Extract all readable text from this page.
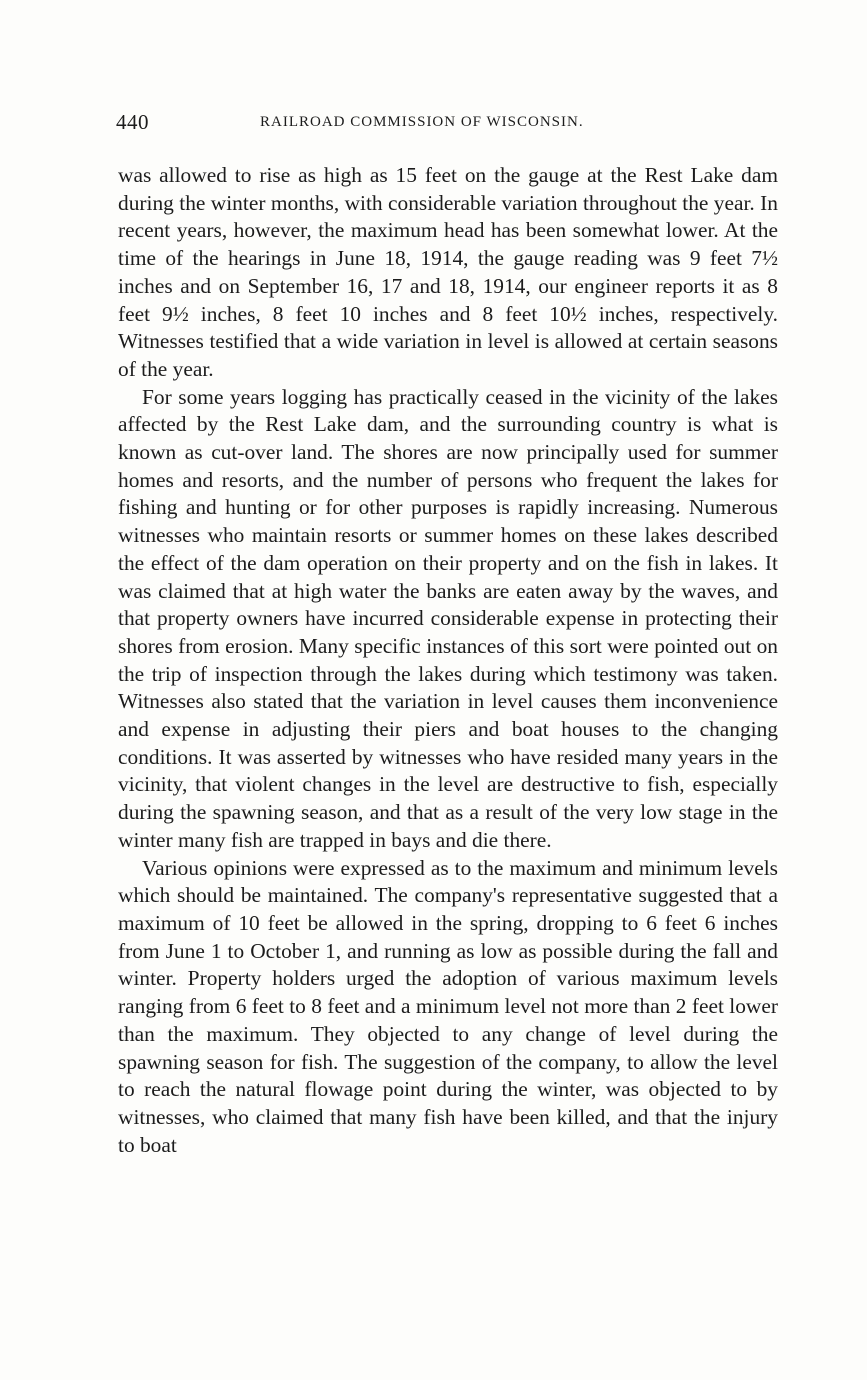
440	RAILROAD COMMISSION OF WISCONSIN.

was allowed to rise as high as 15 feet on the gauge at the Rest Lake dam during the winter months, with considerable variation throughout the year. In recent years, however, the maximum head has been somewhat lower. At the time of the hearings in June 18, 1914, the gauge reading was 9 feet 7½ inches and on September 16, 17 and 18, 1914, our engineer reports it as 8 feet 9½ inches, 8 feet 10 inches and 8 feet 10½ inches, respectively. Witnesses testified that a wide variation in level is allowed at certain seasons of the year.

For some years logging has practically ceased in the vicinity of the lakes affected by the Rest Lake dam, and the surrounding country is what is known as cut-over land. The shores are now principally used for summer homes and resorts, and the number of persons who frequent the lakes for fishing and hunting or for other purposes is rapidly increasing. Numerous witnesses who maintain resorts or summer homes on these lakes described the effect of the dam operation on their property and on the fish in lakes. It was claimed that at high water the banks are eaten away by the waves, and that property owners have incurred considerable expense in protecting their shores from erosion. Many specific instances of this sort were pointed out on the trip of inspection through the lakes during which testimony was taken. Witnesses also stated that the variation in level causes them inconvenience and expense in adjusting their piers and boat houses to the changing conditions. It was asserted by witnesses who have resided many years in the vicinity, that violent changes in the level are destructive to fish, especially during the spawning season, and that as a result of the very low stage in the winter many fish are trapped in bays and die there.

Various opinions were expressed as to the maximum and minimum levels which should be maintained. The company's representative suggested that a maximum of 10 feet be allowed in the spring, dropping to 6 feet 6 inches from June 1 to October 1, and running as low as possible during the fall and winter. Property holders urged the adoption of various maximum levels ranging from 6 feet to 8 feet and a minimum level not more than 2 feet lower than the maximum. They objected to any change of level during the spawning season for fish. The suggestion of the company, to allow the level to reach the natural flowage point during the winter, was objected to by witnesses, who claimed that many fish have been killed, and that the injury to boat
